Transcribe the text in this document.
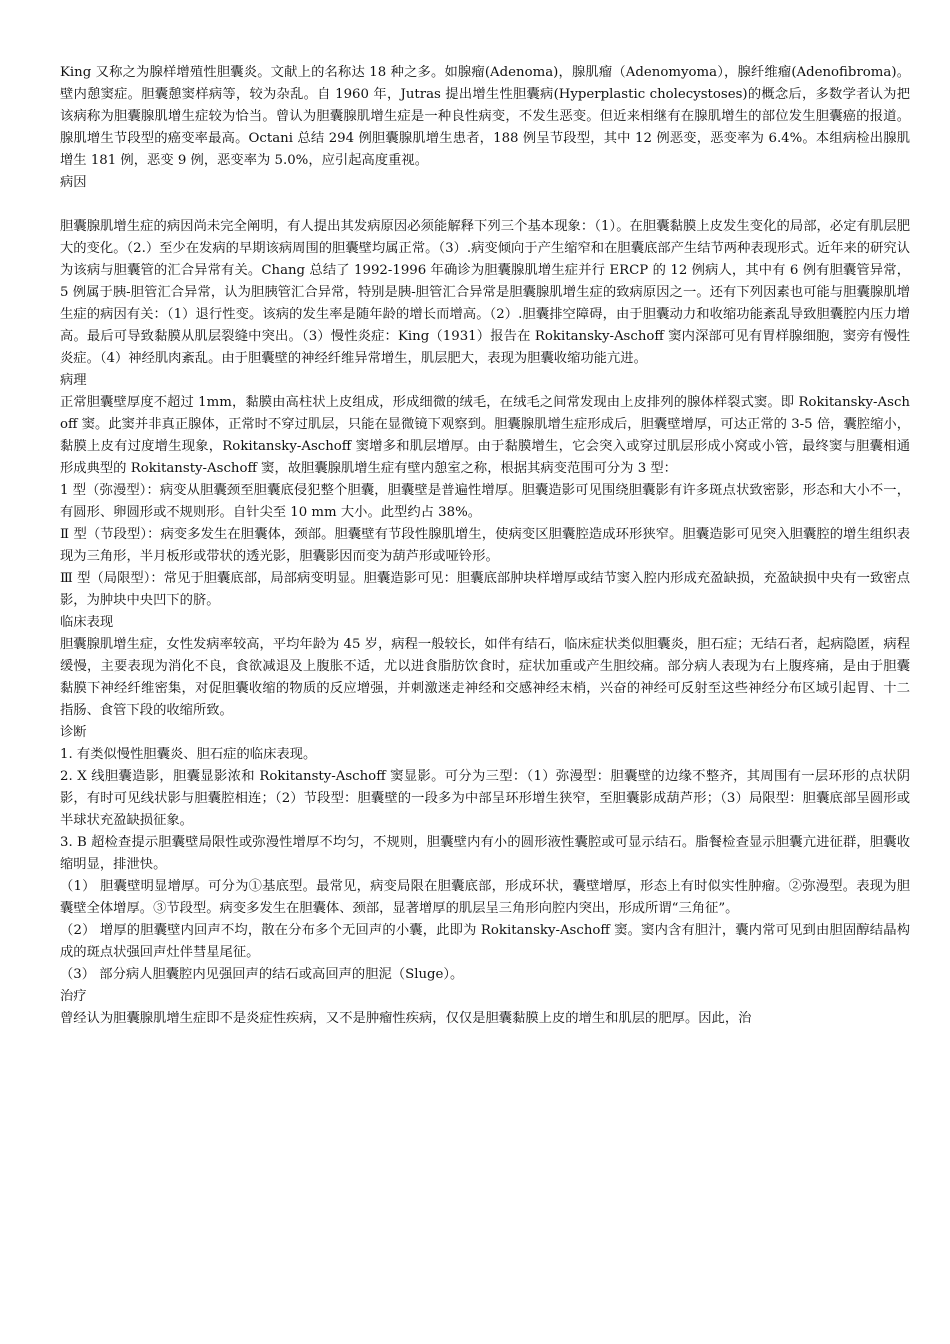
King 又称之为腺样增殖性胆囊炎。文献上的名称达 18 种之多。如腺瘤(Adenoma)，腺肌瘤（Adenomyoma），腺纤维瘤(Adenofibroma)。壁内憩窦症。胆囊憩窦样病等，较为杂乱。自 1960 年，Jutras 提出增生性胆囊病(Hyperplastic cholecystoses)的概念后，多数学者认为把该病称为胆囊腺肌增生症较为恰当。曾认为胆囊腺肌增生症是一种良性病变，不发生恶变。但近来相继有在腺肌增生的部位发生胆囊癌的报道。腺肌增生节段型的癌变率最高。Octani 总结 294 例胆囊腺肌增生患者，188 例呈节段型，其中 12 例恶变，恶变率为 6.4%。本组病检出腺肌增生 181 例，恶变 9 例，恶变率为 5.0%，应引起高度重视。

病因

胆囊腺肌增生症的病因尚未完全阐明，有人提出其发病原因必须能解释下列三个基本现象：（1）。在胆囊黏膜上皮发生变化的局部，必定有肌层肥大的变化。（2.）至少在发病的早期该病周围的胆囊壁均属正常。（3）.病变倾向于产生缩窄和在胆囊底部产生结节两种表现形式。近年来的研究认为该病与胆囊管的汇合异常有关。Chang 总结了 1992-1996 年确诊为胆囊腺肌增生症并行 ERCP 的 12 例病人，其中有 6 例有胆囊管异常，5 例属于胰-胆管汇合异常，认为胆胰管汇合异常，特别是胰-胆管汇合异常是胆囊腺肌增生症的致病原因之一。还有下列因素也可能与胆囊腺肌增生症的病因有关：（1）退行性变。该病的发生率是随年龄的增长而增高。（2）.胆囊排空障碍，由于胆囊动力和收缩功能紊乱导致胆囊腔内压力增高。最后可导致黏膜从肌层裂缝中突出。（3）慢性炎症：King（1931）报告在 Rokitansky-Aschoff 窦内深部可见有胃样腺细胞，窦旁有慢性炎症。（4）神经肌肉紊乱。由于胆囊壁的神经纤维异常增生，肌层肥大，表现为胆囊收缩功能亢进。

病理

正常胆囊壁厚度不超过 1mm，黏膜由高柱状上皮组成，形成细微的绒毛，在绒毛之间常发现由上皮排列的腺体样裂式窦。即 Rokitansky-Aschoff 窦。此窦并非真正腺体，正常时不穿过肌层，只能在显微镜下观察到。胆囊腺肌增生症形成后，胆囊壁增厚，可达正常的 3-5 倍，囊腔缩小，黏膜上皮有过度增生现象，Rokitansky-Aschoff 窦增多和肌层增厚。由于黏膜增生，它会突入或穿过肌层形成小窝或小管，最终窦与胆囊相通形成典型的 Rokitansty-Aschoff 窦，故胆囊腺肌增生症有壁内憩室之称，根据其病变范围可分为 3 型：

1 型（弥漫型）：病变从胆囊颈至胆囊底侵犯整个胆囊，胆囊壁是普遍性增厚。胆囊造影可见围绕胆囊影有许多斑点状致密影，形态和大小不一，有圆形、卵圆形或不规则形。自针尖至 10 mm 大小。此型约占 38%。

Ⅱ 型（节段型）：病变多发生在胆囊体，颈部。胆囊壁有节段性腺肌增生，使病变区胆囊腔造成环形狭窄。胆囊造影可见突入胆囊腔的增生组织表现为三角形，半月板形或带状的透光影，胆囊影因而变为葫芦形或哑铃形。

Ⅲ 型（局限型）：常见于胆囊底部，局部病变明显。胆囊造影可见：胆囊底部肿块样增厚或结节窦入腔内形成充盈缺损，充盈缺损中央有一致密点影，为肿块中央凹下的脐。

临床表现

胆囊腺肌增生症，女性发病率较高，平均年龄为 45 岁，病程一般较长，如伴有结石，临床症状类似胆囊炎，胆石症；无结石者，起病隐匿，病程缓慢，主要表现为消化不良，食欲减退及上腹胀不适，尤以进食脂肪饮食时，症状加重或产生胆绞痛。部分病人表现为右上腹疼痛，是由于胆囊黏膜下神经纤维密集，对促胆囊收缩的物质的反应增强，并刺激迷走神经和交感神经末梢，兴奋的神经可反射至这些神经分布区域引起胃、十二指肠、食管下段的收缩所致。

诊断

1. 有类似慢性胆囊炎、胆石症的临床表现。

2. X 线胆囊造影，胆囊显影浓和 Rokitansty-Aschoff 窦显影。可分为三型：（1）弥漫型：胆囊壁的边缘不整齐，其周围有一层环形的点状阴影，有时可见线状影与胆囊腔相连；（2）节段型：胆囊壁的一段多为中部呈环形增生狭窄，至胆囊影成葫芦形；（3）局限型：胆囊底部呈圆形或半球状充盈缺损征象。

3. B 超检查提示胆囊壁局限性或弥漫性增厚不均匀，不规则，胆囊壁内有小的圆形液性囊腔或可显示结石。脂餐检查显示胆囊亢进征群，胆囊收缩明显，排泄快。

（1） 胆囊壁明显增厚。可分为①基底型。最常见，病变局限在胆囊底部，形成环状，囊壁增厚，形态上有时似实性肿瘤。②弥漫型。表现为胆囊壁全体增厚。③节段型。病变多发生在胆囊体、颈部，显著增厚的肌层呈三角形向腔内突出，形成所谓“三角征”。

（2） 增厚的胆囊壁内回声不均，散在分布多个无回声的小囊，此即为 Rokitansky-Aschoff 窦。窦内含有胆汁，囊内常可见到由胆固醇结晶构成的斑点状强回声灶伴彗星尾征。

（3） 部分病人胆囊腔内见强回声的结石或高回声的胆泥（Sluge）。

治疗

曾经认为胆囊腺肌增生症即不是炎症性疾病，又不是肿瘤性疾病，仅仅是胆囊黏膜上皮的增生和肌层的肥厚。因此，治
